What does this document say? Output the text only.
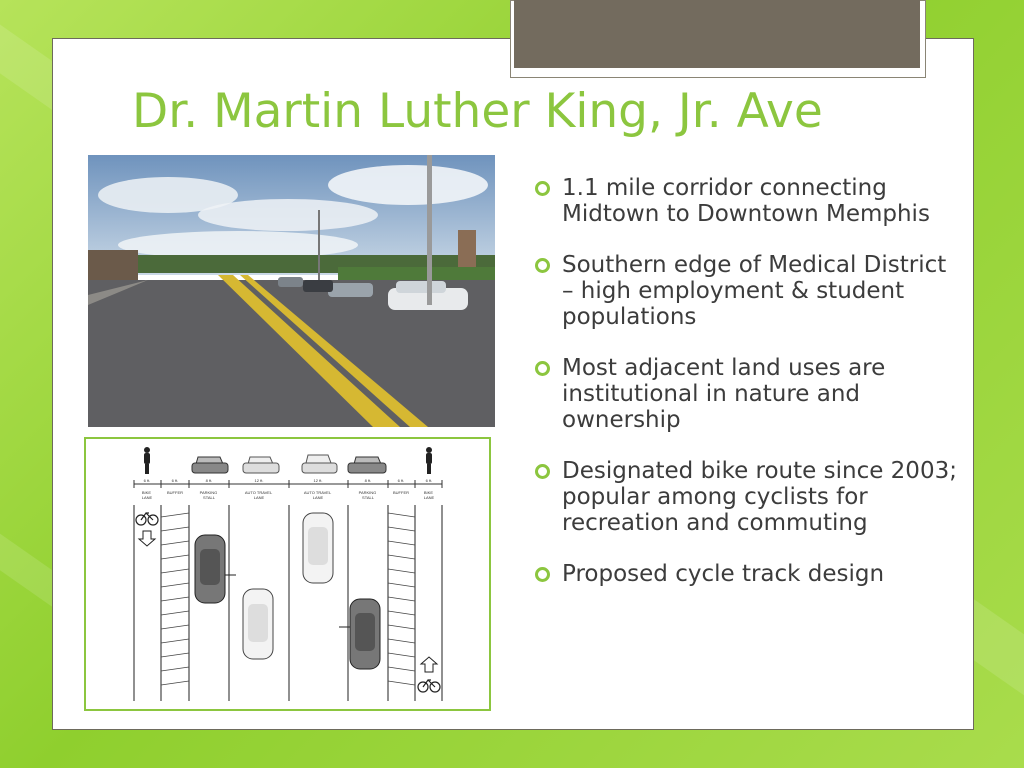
Dr. Martin Luther King, Jr. Ave
6 ft.	6 ft.	8 ft.	12 ft.	12 ft.	8 ft.	6 ft.	6 ft.
BIKE LANE
BUFFER	PARKING STALL
AUTO TRAVEL LANE
AUTO TRAVEL LANE
PARKING STALL
BUFFER	BIKE LANE
1.1 mile corridor connecting Midtown to Downtown Memphis
Southern edge of Medical District – high employment & student populations
Most adjacent land uses are institutional in nature and ownership
Designated bike route since 2003; popular among cyclists for recreation and commuting
Proposed cycle track design
